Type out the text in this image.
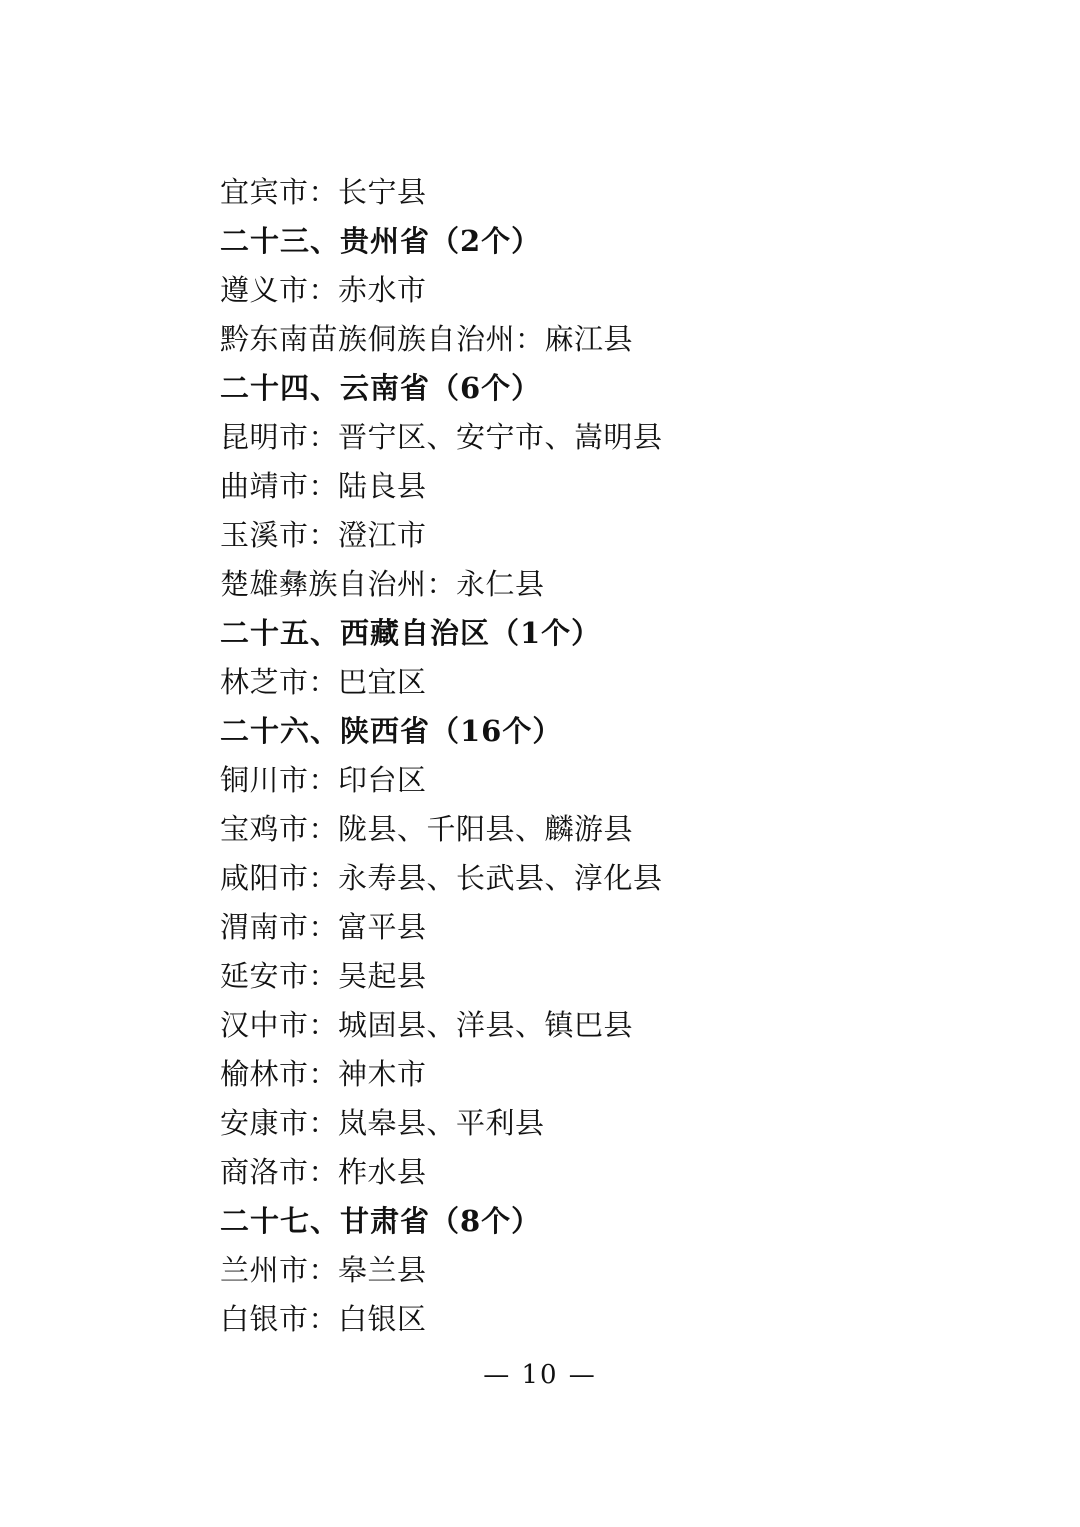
宜宾市：长宁县
二十三、贵州省（2个）
遵义市：赤水市
黔东南苗族侗族自治州：麻江县
二十四、云南省（6个）
昆明市：晋宁区、安宁市、嵩明县
曲靖市：陆良县
玉溪市：澄江市
楚雄彝族自治州：永仁县
二十五、西藏自治区（1个）
林芝市：巴宜区
二十六、陕西省（16个）
铜川市：印台区
宝鸡市：陇县、千阳县、麟游县
咸阳市：永寿县、长武县、淳化县
渭南市：富平县
延安市：吴起县
汉中市：城固县、洋县、镇巴县
榆林市：神木市
安康市：岚皋县、平利县
商洛市：柞水县
二十七、甘肃省（8个）
兰州市：皋兰县
白银市：白银区
— 10 —
